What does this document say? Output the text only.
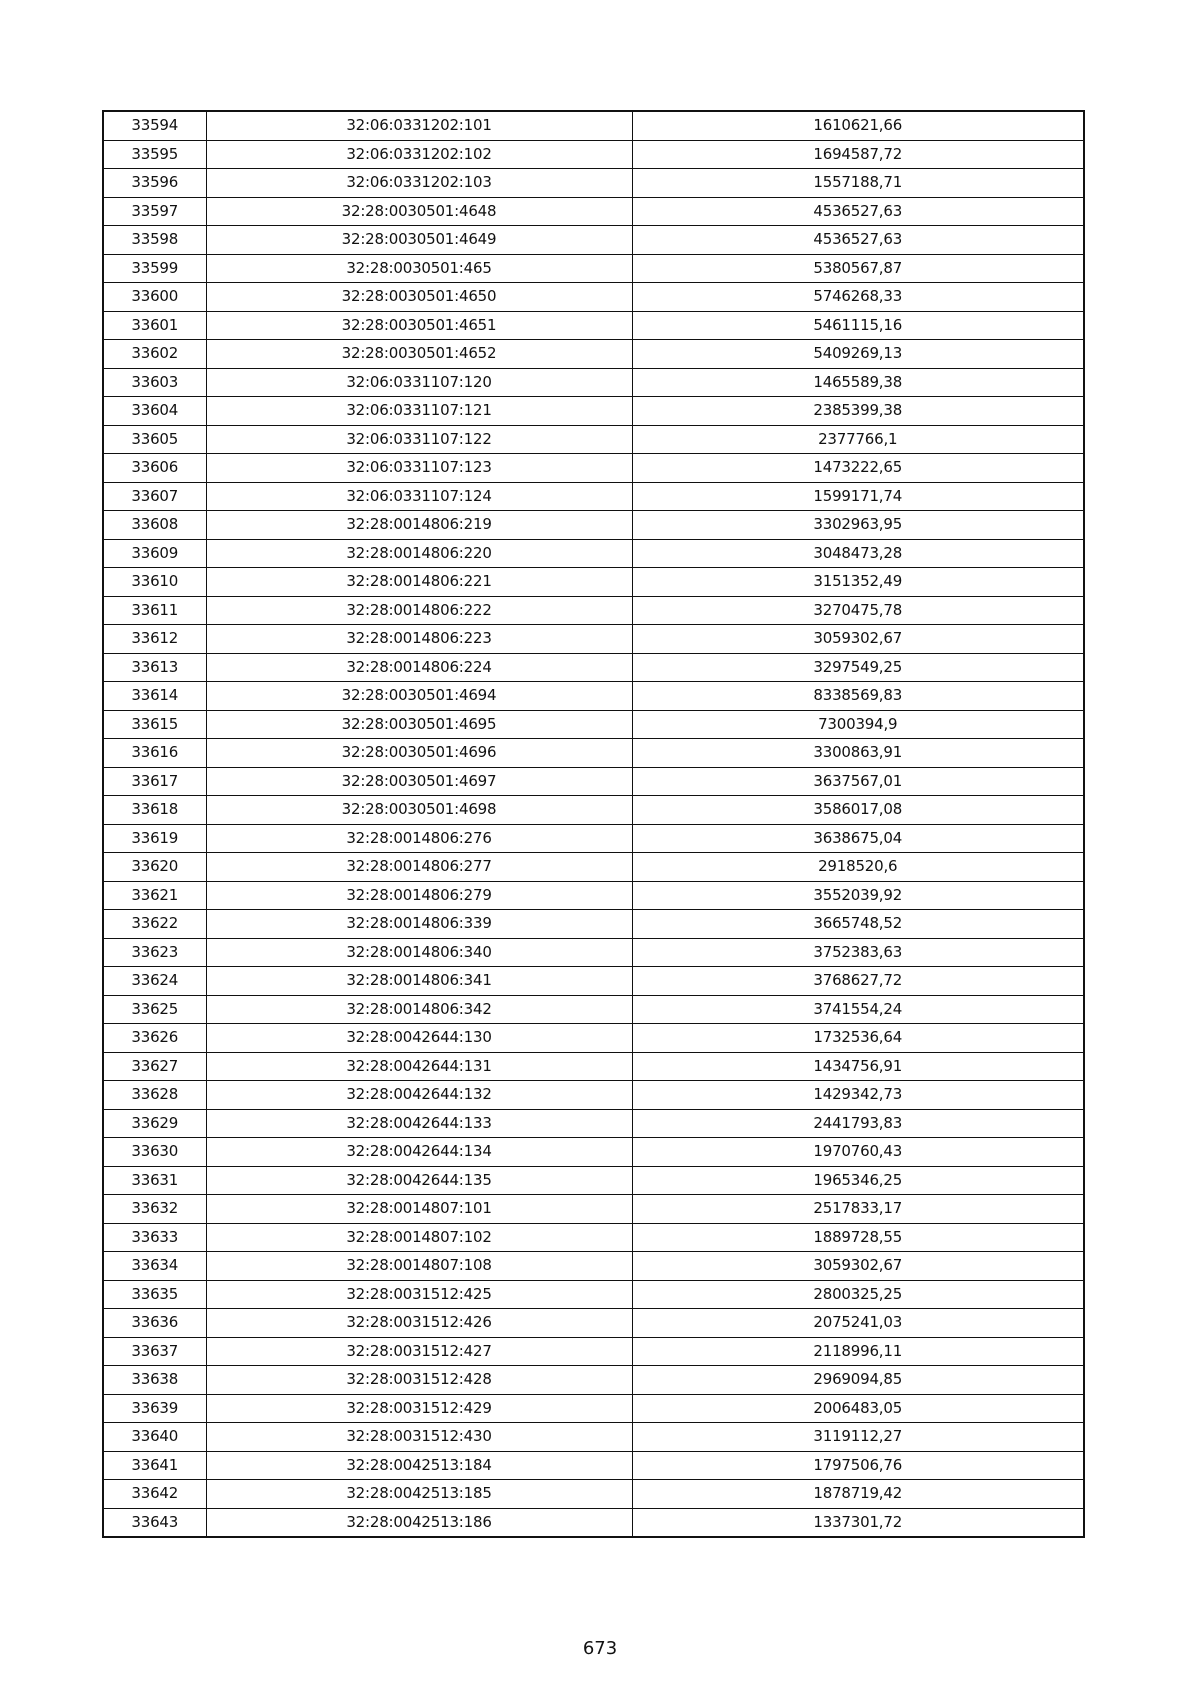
33594	32:06:0331202:101	1610621,66
33595	32:06:0331202:102	1694587,72
33596	32:06:0331202:103	1557188,71
33597	32:28:0030501:4648	4536527,63
33598	32:28:0030501:4649	4536527,63
33599	32:28:0030501:465	5380567,87
33600	32:28:0030501:4650	5746268,33
33601	32:28:0030501:4651	5461115,16
33602	32:28:0030501:4652	5409269,13
33603	32:06:0331107:120	1465589,38
33604	32:06:0331107:121	2385399,38
33605	32:06:0331107:122	2377766,1
33606	32:06:0331107:123	1473222,65
33607	32:06:0331107:124	1599171,74
33608	32:28:0014806:219	3302963,95
33609	32:28:0014806:220	3048473,28
33610	32:28:0014806:221	3151352,49
33611	32:28:0014806:222	3270475,78
33612	32:28:0014806:223	3059302,67
33613	32:28:0014806:224	3297549,25
33614	32:28:0030501:4694	8338569,83
33615	32:28:0030501:4695	7300394,9
33616	32:28:0030501:4696	3300863,91
33617	32:28:0030501:4697	3637567,01
33618	32:28:0030501:4698	3586017,08
33619	32:28:0014806:276	3638675,04
33620	32:28:0014806:277	2918520,6
33621	32:28:0014806:279	3552039,92
33622	32:28:0014806:339	3665748,52
33623	32:28:0014806:340	3752383,63
33624	32:28:0014806:341	3768627,72
33625	32:28:0014806:342	3741554,24
33626	32:28:0042644:130	1732536,64
33627	32:28:0042644:131	1434756,91
33628	32:28:0042644:132	1429342,73
33629	32:28:0042644:133	2441793,83
33630	32:28:0042644:134	1970760,43
33631	32:28:0042644:135	1965346,25
33632	32:28:0014807:101	2517833,17
33633	32:28:0014807:102	1889728,55
33634	32:28:0014807:108	3059302,67
33635	32:28:0031512:425	2800325,25
33636	32:28:0031512:426	2075241,03
33637	32:28:0031512:427	2118996,11
33638	32:28:0031512:428	2969094,85
33639	32:28:0031512:429	2006483,05
33640	32:28:0031512:430	3119112,27
33641	32:28:0042513:184	1797506,76
33642	32:28:0042513:185	1878719,42
33643	32:28:0042513:186	1337301,72
673
